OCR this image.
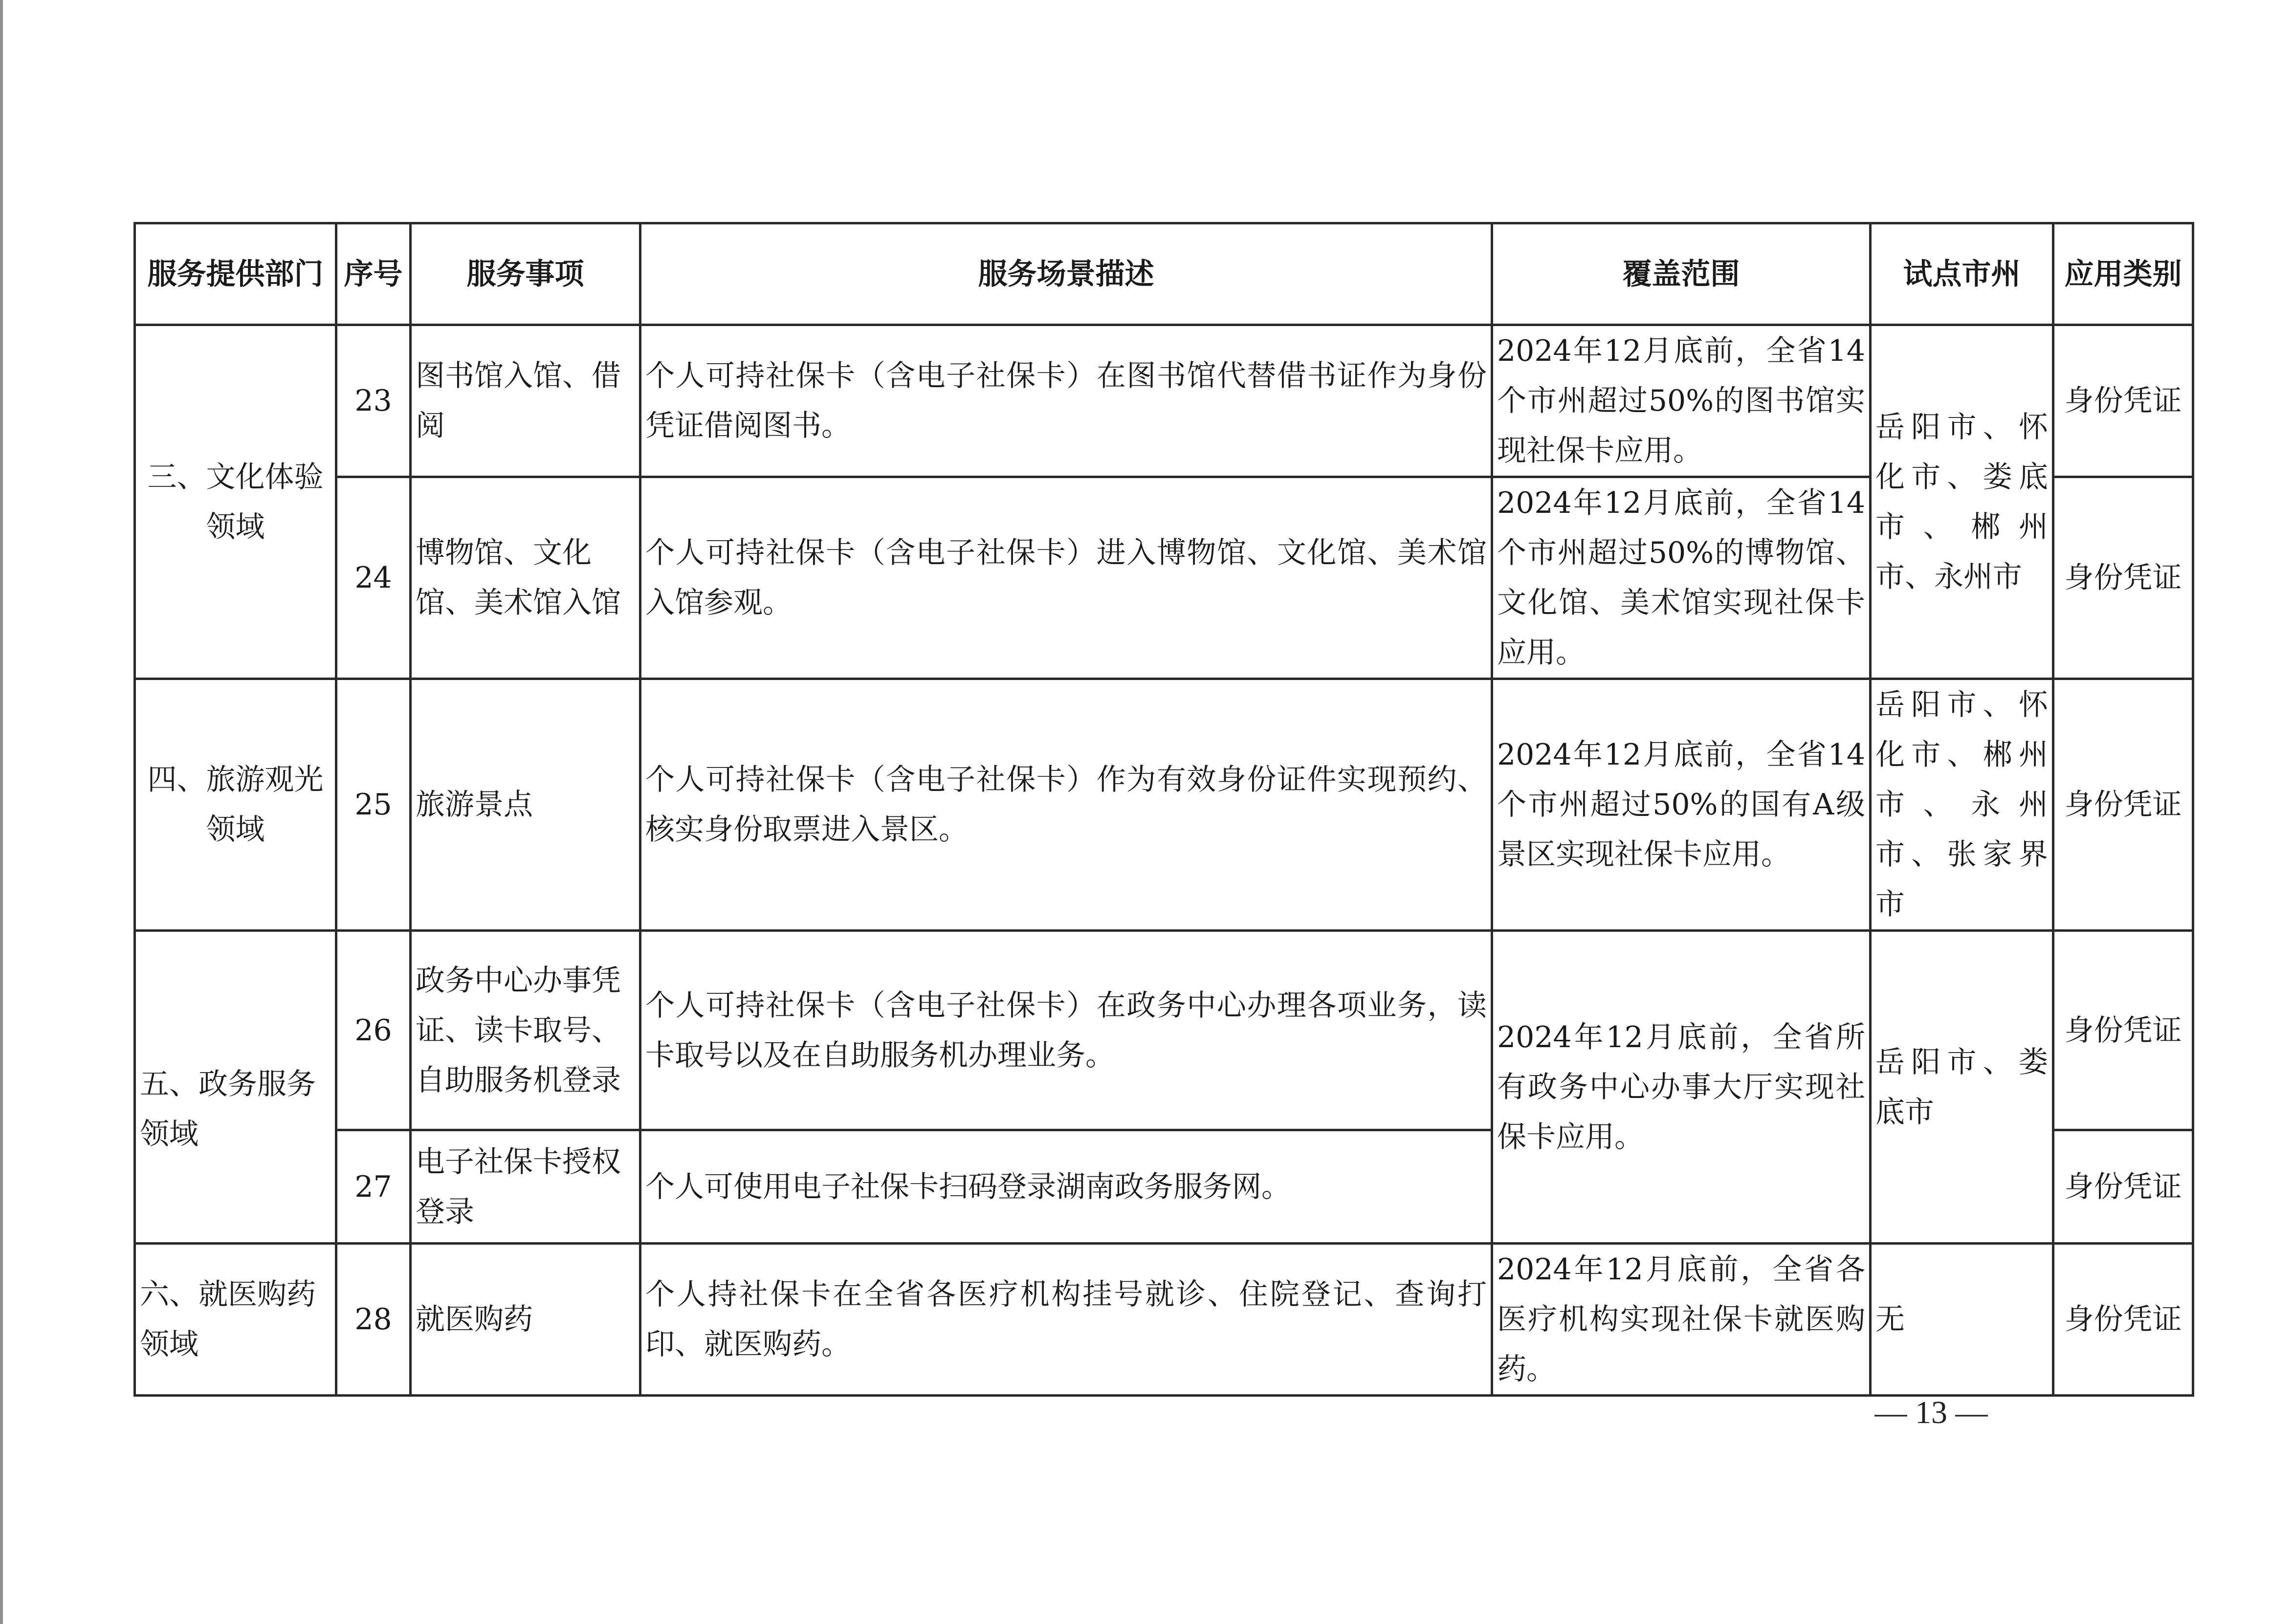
服务提供部门	序号	服务事项	服务场景描述	覆盖范围	试点市州	应用类别
三、文化体验领域	23	图书馆入馆、借阅	个人可持社保卡（含电子社保卡）在图书馆代替借书证作为身份凭证借阅图书。	2024年12月底前，全省14个市州超过50%的图书馆实现社保卡应用。	岳阳市、怀化市、娄底市、郴州市、永州市	身份凭证
	24	博物馆、文化馆、美术馆入馆	个人可持社保卡（含电子社保卡）进入博物馆、文化馆、美术馆入馆参观。	2024年12月底前，全省14个市州超过50%的博物馆、文化馆、美术馆实现社保卡应用。		身份凭证
四、旅游观光领域	25	旅游景点	个人可持社保卡（含电子社保卡）作为有效身份证件实现预约、核实身份取票进入景区。	2024年12月底前，全省14个市州超过50%的国有A级景区实现社保卡应用。	岳阳市、怀化市、郴州市、永州市、张家界市	身份凭证
五、政务服务领域	26	政务中心办事凭证、读卡取号、自助服务机登录	个人可持社保卡（含电子社保卡）在政务中心办理各项业务，读卡取号以及在自助服务机办理业务。	2024年12月底前，全省所有政务中心办事大厅实现社保卡应用。	岳阳市、娄底市	身份凭证
	27	电子社保卡授权登录	个人可使用电子社保卡扫码登录湖南政务服务网。			身份凭证
六、就医购药领域	28	就医购药	个人持社保卡在全省各医疗机构挂号就诊、住院登记、查询打印、就医购药。	2024年12月底前，全省各医疗机构实现社保卡就医购药。	无	身份凭证
— 13 —
